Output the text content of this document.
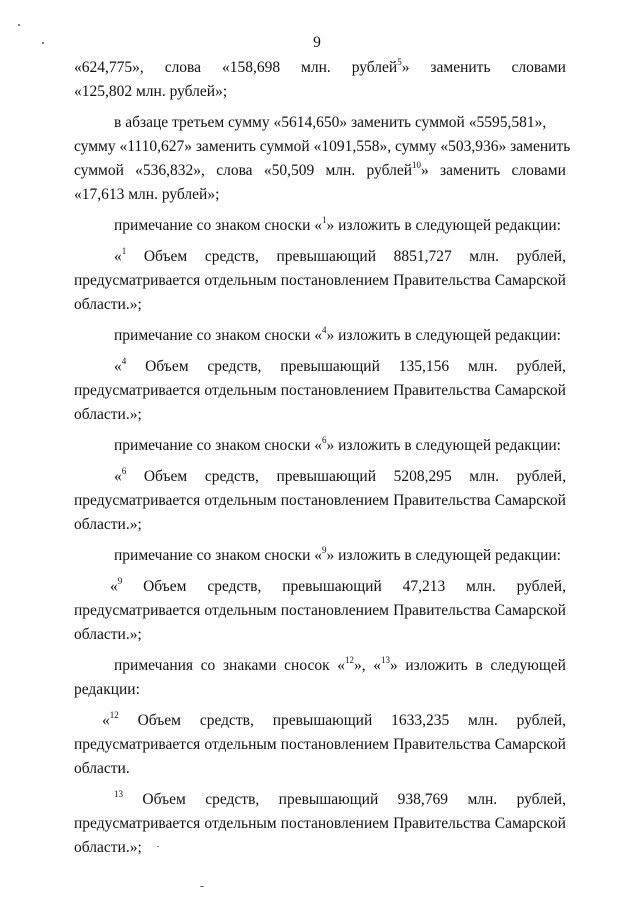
9
«624,775», слова «158,698 млн. рублей$^5$» заменить словами
«125,802 млн. рублей»;
в абзаце третьем сумму «5614,650» заменить суммой «5595,581»,
сумму «1110,627» заменить суммой «1091,558», сумму «503,936» заменить
суммой «536,832», слова «50,509 млн. рублей$^{10}$» заменить словами
«17,613 млн. рублей»;
примечание со знаком сноски «$^1$» изложить в следующей редакции:
«$^1$ Объем средств, превышающий 8851,727 млн. рублей,
предусматривается отдельным постановлением Правительства Самарской
области.»;
примечание со знаком сноски «$^4$» изложить в следующей редакции:
«$^4$ Объем средств, превышающий 135,156 млн. рублей,
предусматривается отдельным постановлением Правительства Самарской
области.»;
примечание со знаком сноски «$^6$» изложить в следующей редакции:
«$^6$ Объем средств, превышающий 5208,295 млн. рублей,
предусматривается отдельным постановлением Правительства Самарской
области.»;
примечание со знаком сноски «$^9$» изложить в следующей редакции:
«$^9$ Объем средств, превышающий 47,213 млн. рублей,
предусматривается отдельным постановлением Правительства Самарской
области.»;
примечания со знаками сносок «$^{12}$», «$^{13}$» изложить в следующей
редакции:
«$^{12}$ Объем средств, превышающий 1633,235 млн. рублей,
предусматривается отдельным постановлением Правительства Самарской
области.
$^{13}$ Объем средств, превышающий 938,769 млн. рублей,
предусматривается отдельным постановлением Правительства Самарской
области.»;
